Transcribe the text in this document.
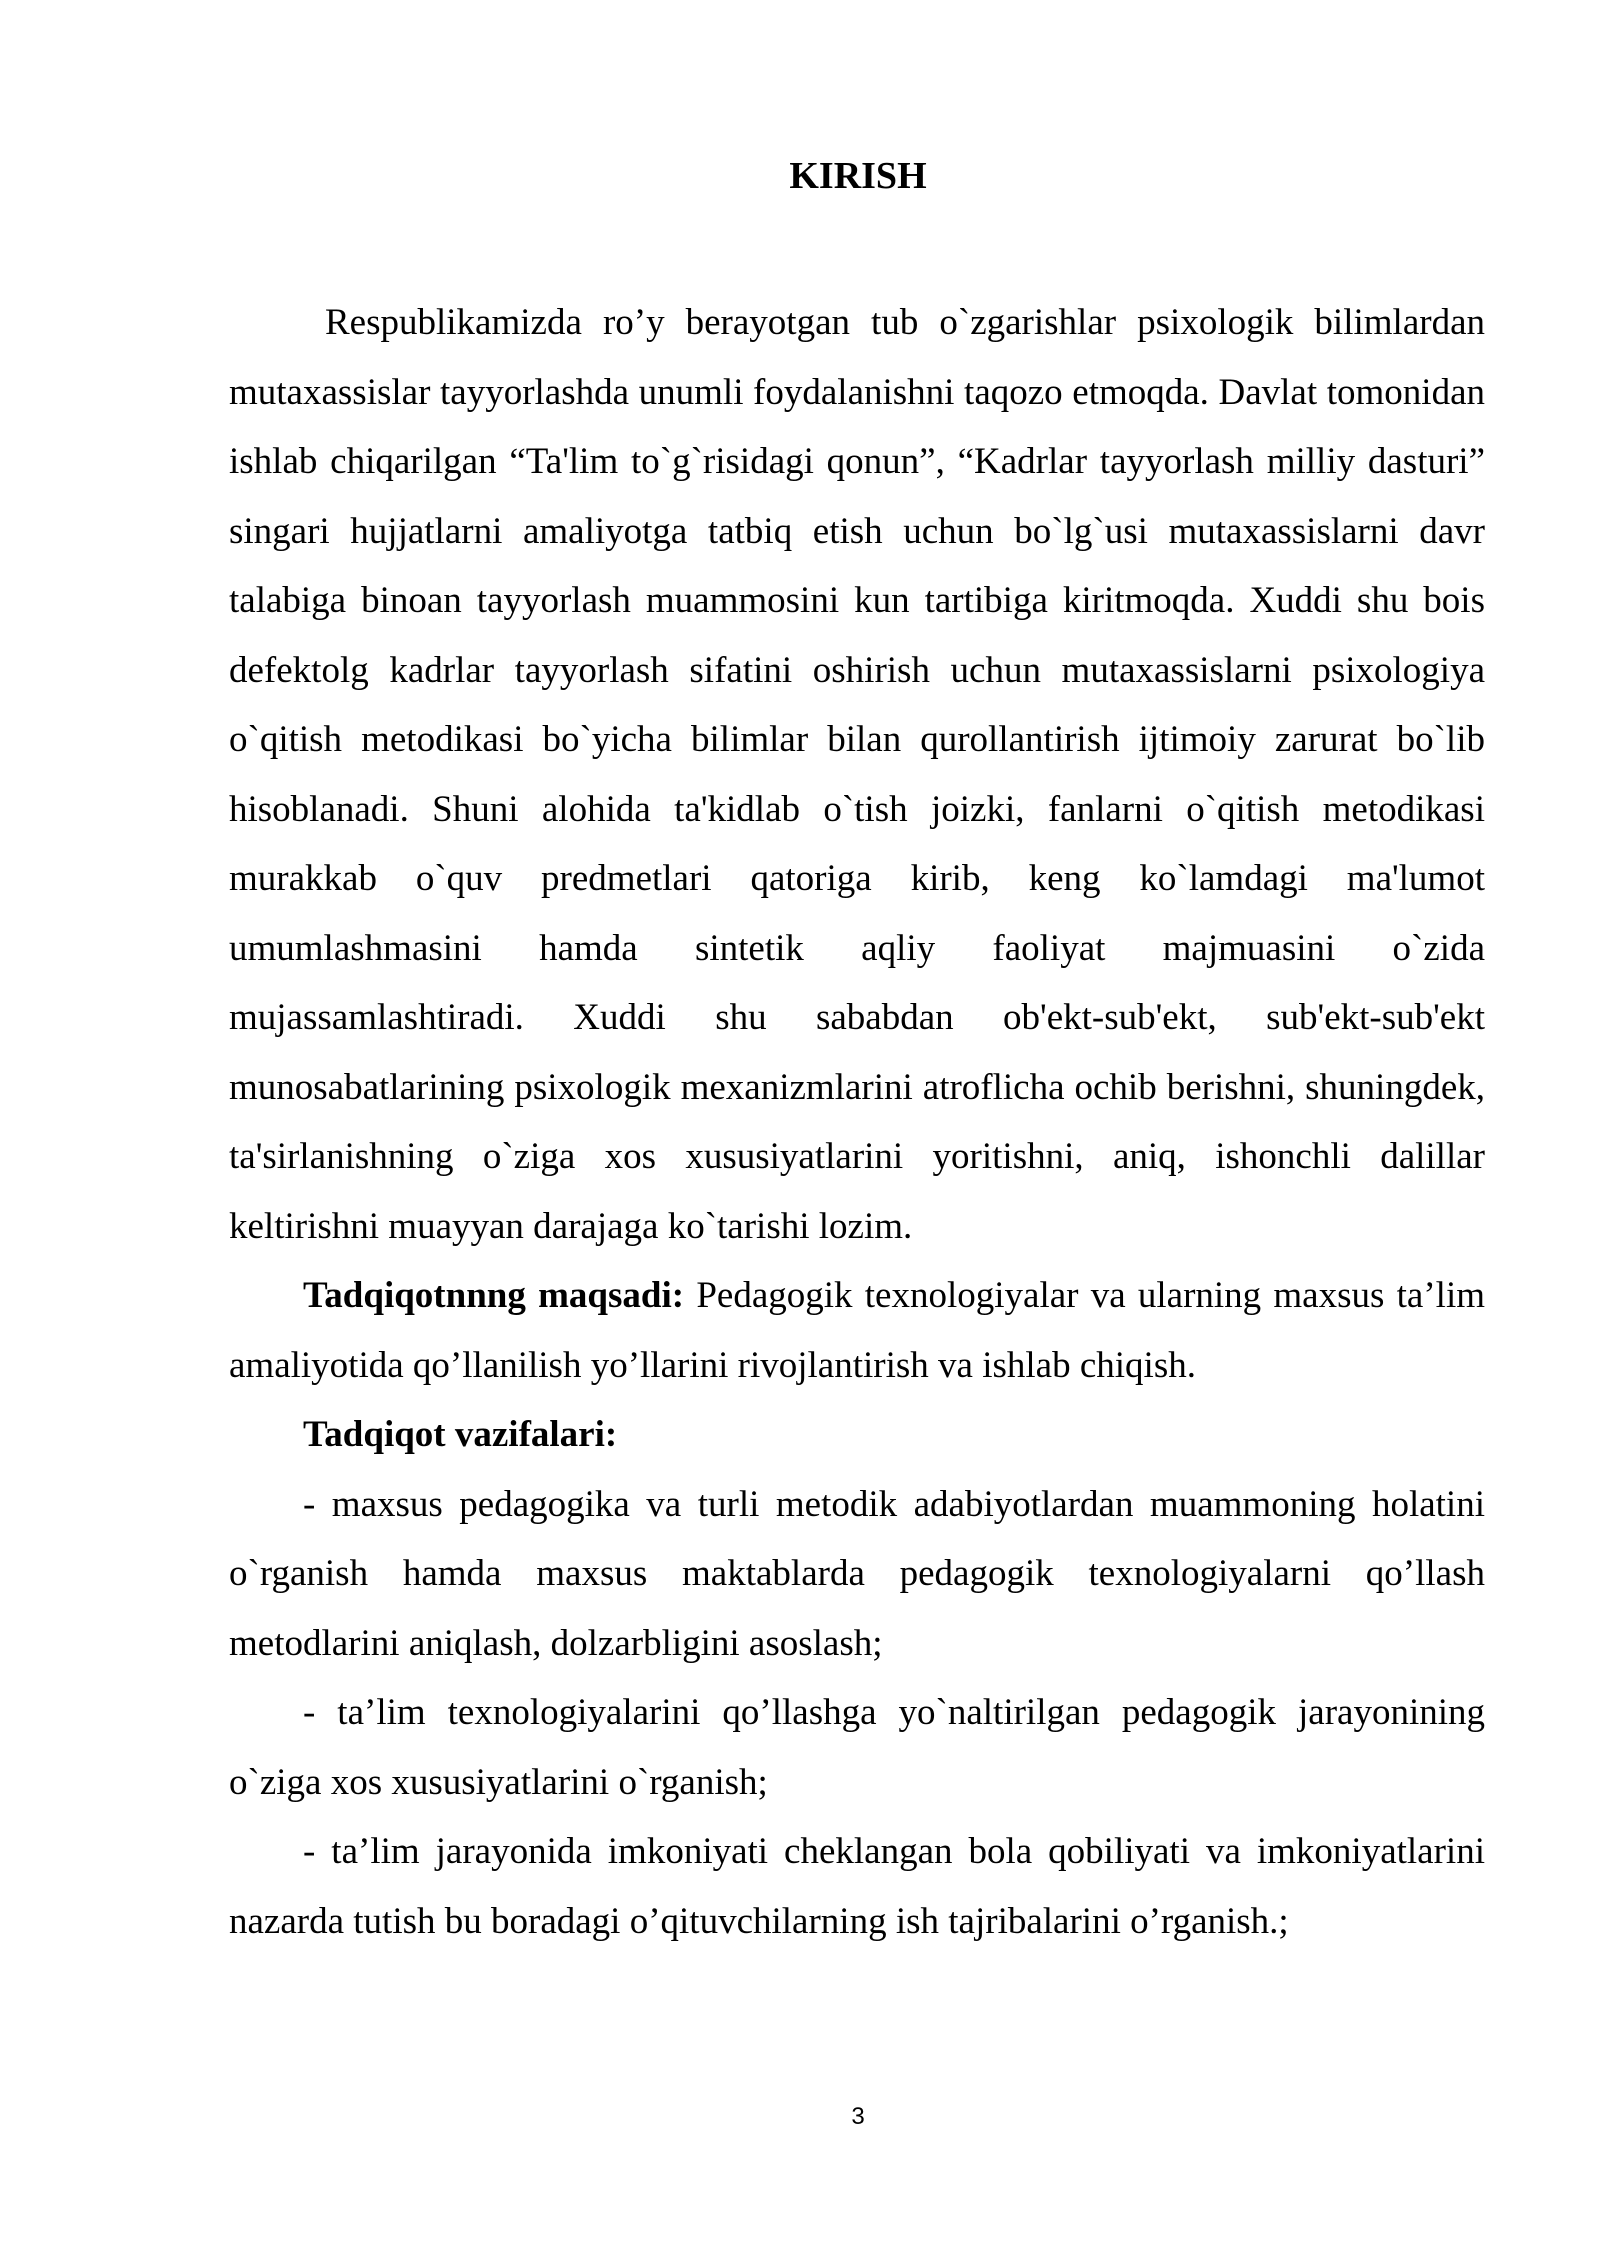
KIRISH

Respublikamizda ro’y berayotgan tub o`zgarishlar psixologik bilimlardan mutaxassislar tayyorlashda unumli foydalanishni taqozo etmoqda. Davlat tomonidan ishlab chiqarilgan “Ta'lim to`g`risidagi qonun”, “Kadrlar tayyorlash milliy dasturi” singari hujjatlarni amaliyotga tatbiq etish uchun bo`lg`usi mutaxassislarni davr talabiga binoan tayyorlash muammosini kun tartibiga kiritmoqda. Xuddi shu bois defektolg kadrlar tayyorlash sifatini oshirish uchun mutaxassislarni psixologiya o`qitish metodikasi bo`yicha bilimlar bilan qurollantirish ijtimoiy zarurat bo`lib hisoblanadi. Shuni alohida ta'kidlab o`tish joizki, fanlarni o`qitish metodikasi murakkab o`quv predmetlari qatoriga kirib, keng ko`lamdagi ma'lumot umumlashmasini hamda sintetik aqliy faoliyat majmuasini o`zida mujassamlashtiradi. Xuddi shu sababdan ob'ekt-sub'ekt, sub'ekt-sub'ekt munosabatlarining psixologik mexanizmlarini atroflicha ochib berishni, shuningdek, ta'sirlanishning o`ziga xos xususiyatlarini yoritishni, aniq, ishonchli dalillar keltirishni muayyan darajaga ko`tarishi lozim.

Tadqiqotnnng maqsadi: Pedagogik texnologiyalar va ularning maxsus ta’lim amaliyotida qo’llanilish yo’llarini rivojlantirish va ishlab chiqish.

Tadqiqot vazifalari:

- maxsus pedagogika va turli metodik adabiyotlardan muammoning holatini o`rganish hamda maxsus maktablarda pedagogik texnologiyalarni qo’llash metodlarini aniqlash, dolzarbligini asoslash;

- ta’lim texnologiyalarini qo’llashga yo`naltirilgan pedagogik jarayonining o`ziga xos xususiyatlarini o`rganish;

- ta’lim jarayonida imkoniyati cheklangan bola qobiliyati va imkoniyatlarini nazarda tutish bu boradagi o’qituvchilarning ish tajribalarini o’rganish.;

3
